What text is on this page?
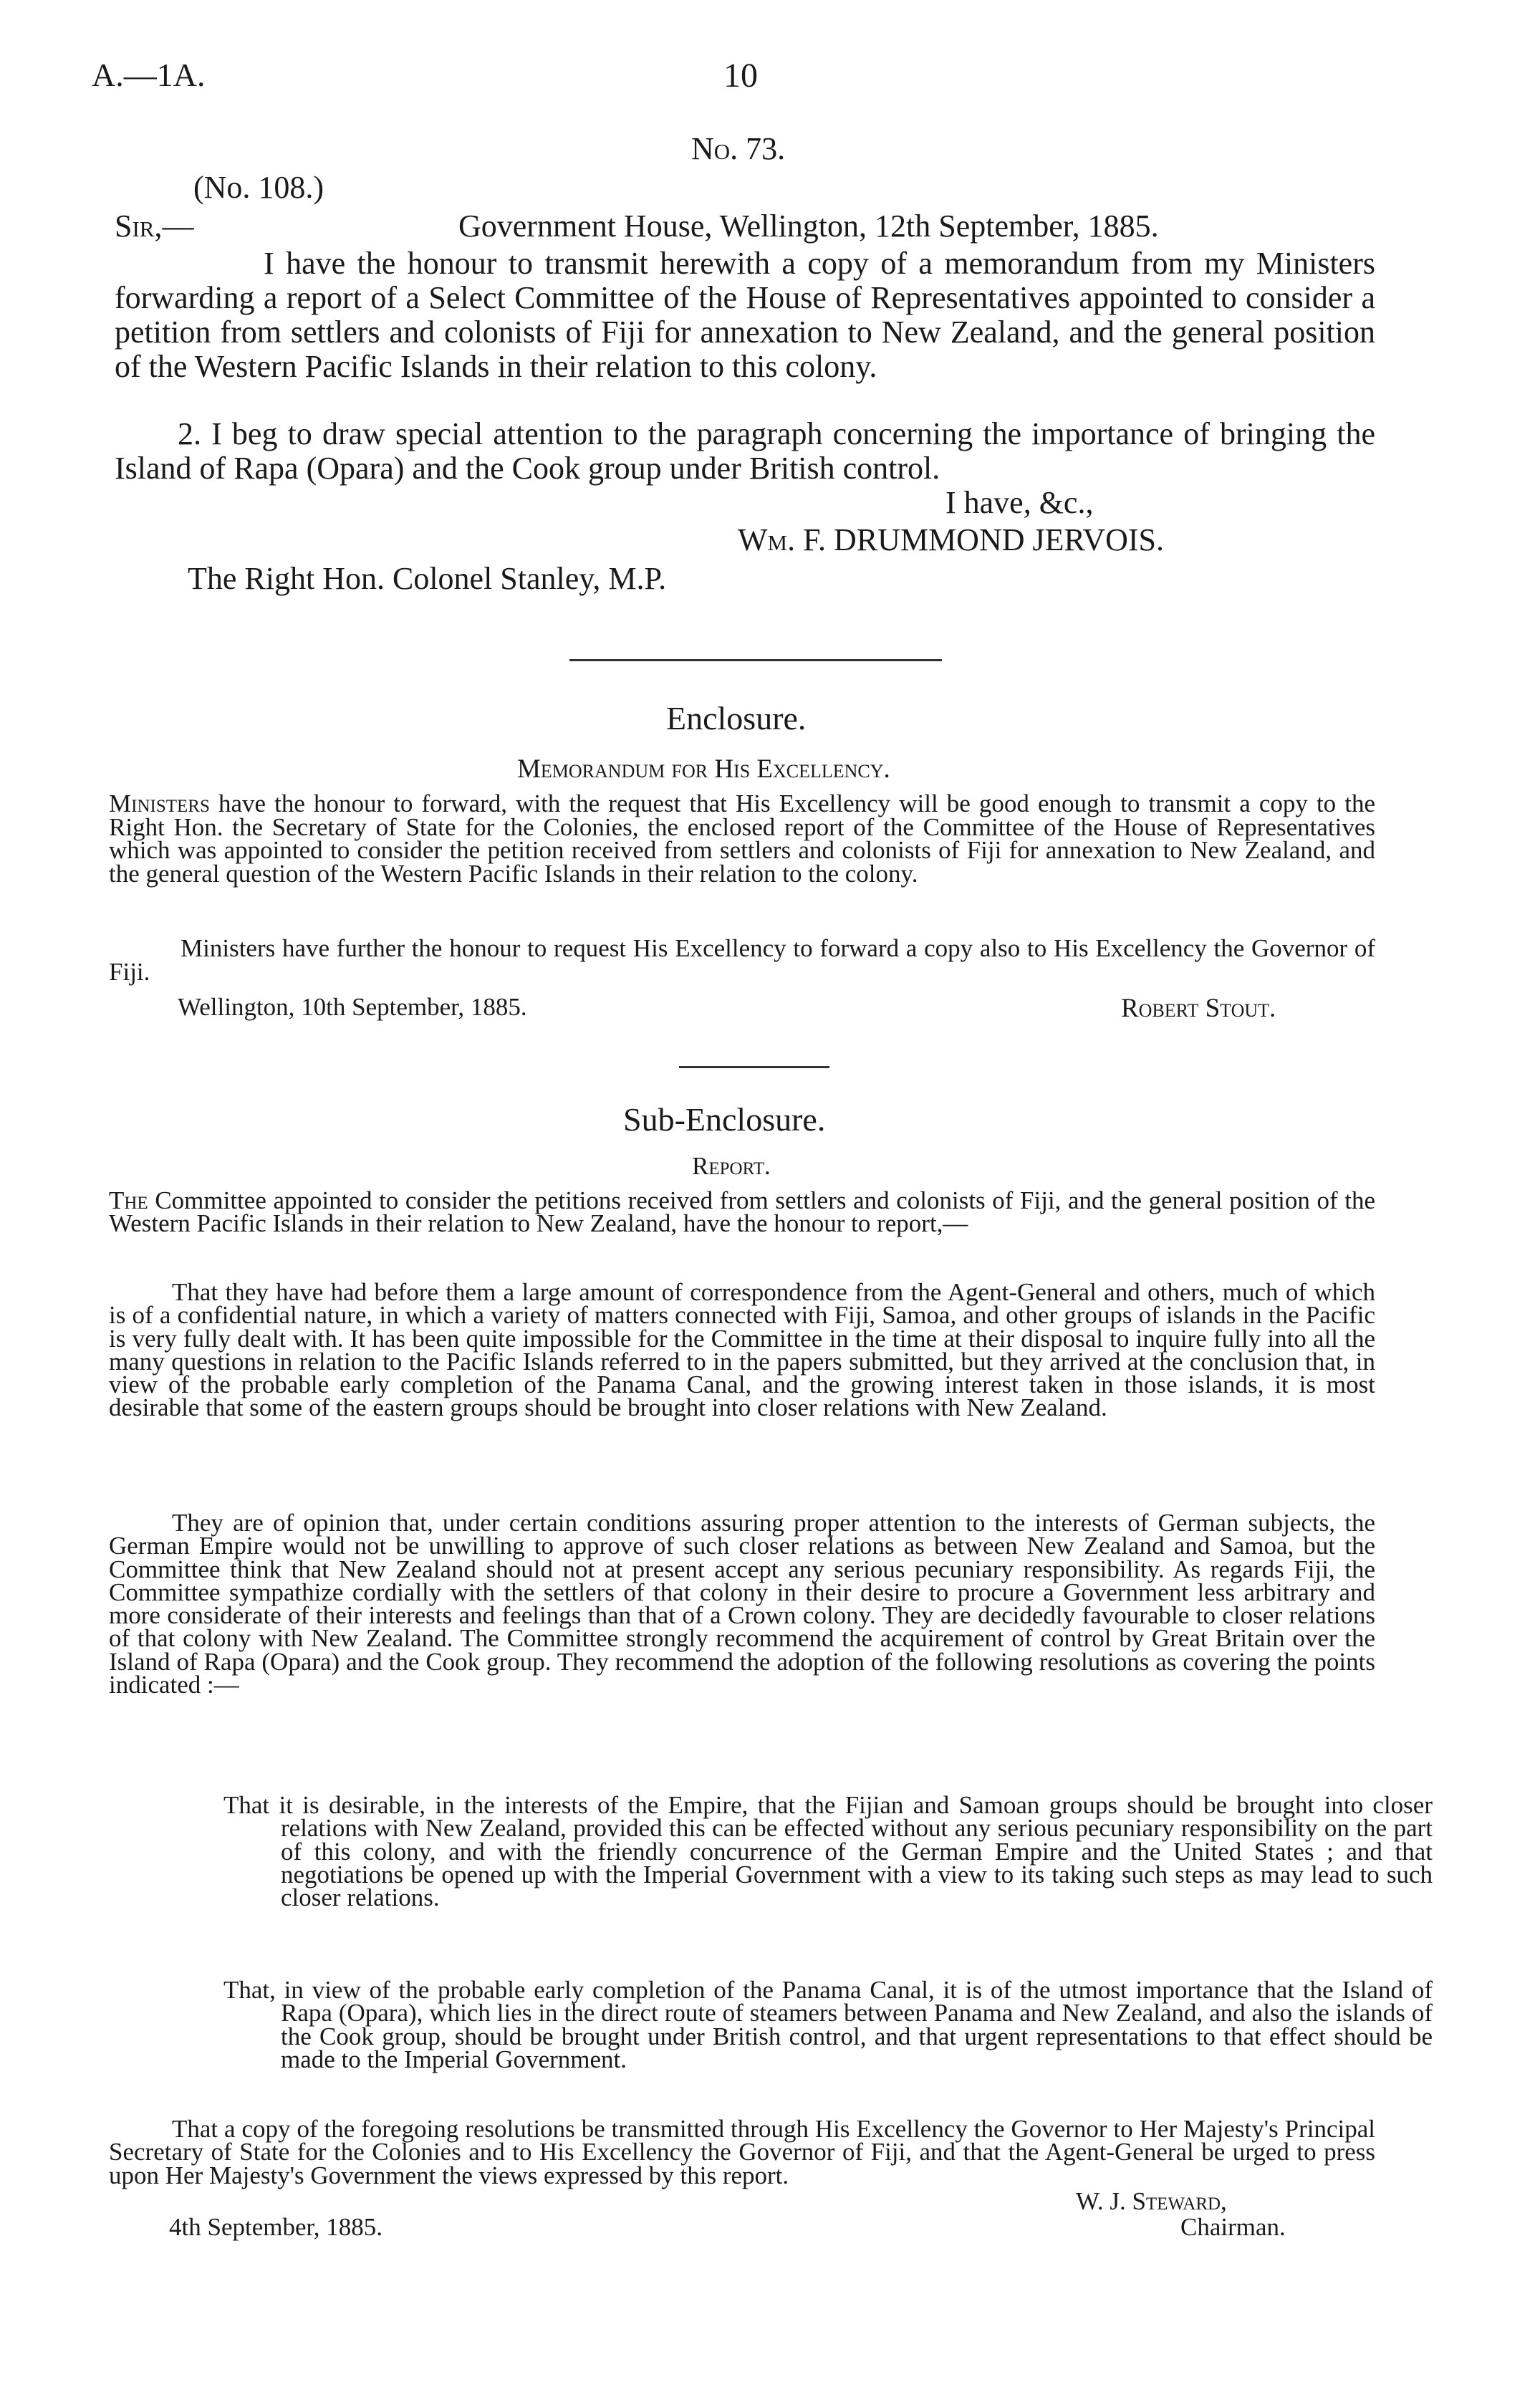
A.—1A.	10
No. 73.
(No. 108.)
Sir,—	Government House, Wellington, 12th September, 1885.

I have the honour to transmit herewith a copy of a memorandum from my Ministers forwarding a report of a Select Committee of the House of Representatives appointed to consider a petition from settlers and colonists of Fiji for annexation to New Zealand, and the general position of the Western Pacific Islands in their relation to this colony.

2. I beg to draw special attention to the paragraph concerning the importance of bringing the Island of Rapa (Opara) and the Cook group under British control.

I have, &c.,
Wm. F. DRUMMOND JERVOIS.
The Right Hon. Colonel Stanley, M.P.
Enclosure.
Memorandum for His Excellency.

Ministers have the honour to forward, with the request that His Excellency will be good enough to transmit a copy to the Right Hon. the Secretary of State for the Colonies, the enclosed report of the Committee of the House of Representatives which was appointed to consider the petition received from settlers and colonists of Fiji for annexation to New Zealand, and the general question of the Western Pacific Islands in their relation to the colony.

Ministers have further the honour to request His Excellency to forward a copy also to His Excellency the Governor of Fiji.

Wellington, 10th September, 1885.	Robert Stout.
Sub-Enclosure.
Report.

The Committee appointed to consider the petitions received from settlers and colonists of Fiji, and the general position of the Western Pacific Islands in their relation to New Zealand, have the honour to report,—

That they have had before them a large amount of correspondence from the Agent-General and others, much of which is of a confidential nature, in which a variety of matters connected with Fiji, Samoa, and other groups of islands in the Pacific is very fully dealt with. It has been quite impossible for the Committee in the time at their disposal to inquire fully into all the many questions in relation to the Pacific Islands referred to in the papers submitted, but they arrived at the conclusion that, in view of the probable early completion of the Panama Canal, and the growing interest taken in those islands, it is most desirable that some of the eastern groups should be brought into closer relations with New Zealand.

They are of opinion that, under certain conditions assuring proper attention to the interests of German subjects, the German Empire would not be unwilling to approve of such closer relations as between New Zealand and Samoa, but the Committee think that New Zealand should not at present accept any serious pecuniary responsibility. As regards Fiji, the Committee sympathize cordially with the settlers of that colony in their desire to procure a Government less arbitrary and more considerate of their interests and feelings than that of a Crown colony. They are decidedly favourable to closer relations of that colony with New Zealand. The Committee strongly recommend the acquirement of control by Great Britain over the Island of Rapa (Opara) and the Cook group. They recommend the adoption of the following resolutions as covering the points indicated :—

That it is desirable, in the interests of the Empire, that the Fijian and Samoan groups should be brought into closer relations with New Zealand, provided this can be effected without any serious pecuniary responsibility on the part of this colony, and with the friendly concurrence of the German Empire and the United States ; and that negotiations be opened up with the Imperial Government with a view to its taking such steps as may lead to such closer relations.

That, in view of the probable early completion of the Panama Canal, it is of the utmost importance that the Island of Rapa (Opara), which lies in the direct route of steamers between Panama and New Zealand, and also the islands of the Cook group, should be brought under British control, and that urgent representations to that effect should be made to the Imperial Government.

That a copy of the foregoing resolutions be transmitted through His Excellency the Governor to Her Majesty's Principal Secretary of State for the Colonies and to His Excellency the Governor of Fiji, and that the Agent-General be urged to press upon Her Majesty's Government the views expressed by this report.

W. J. Steward,
4th September, 1885.	Chairman.
